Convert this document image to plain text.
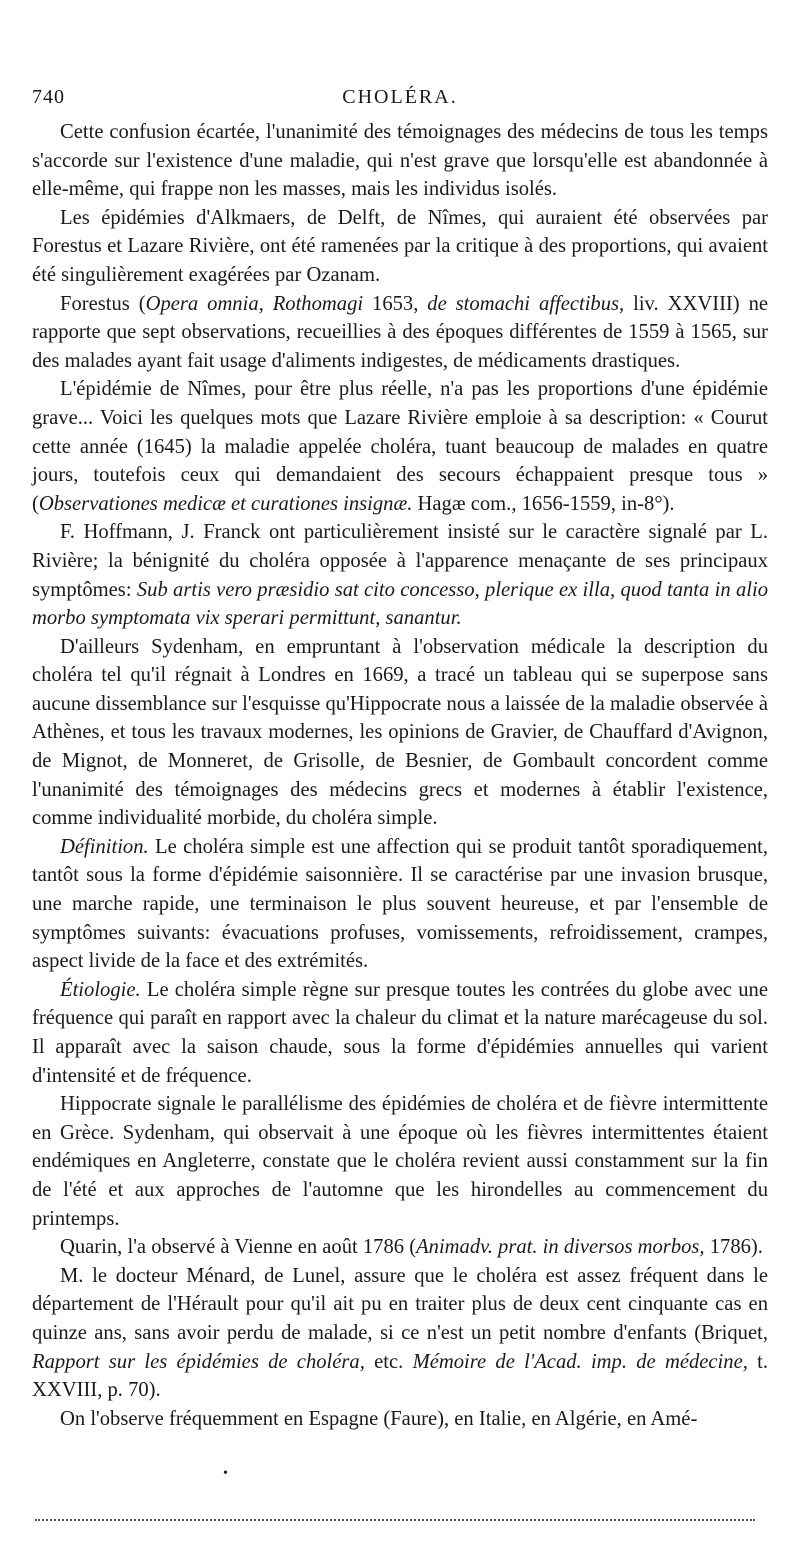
740	CHOLÉRA.

Cette confusion écartée, l'unanimité des témoignages des médecins de tous les temps s'accorde sur l'existence d'une maladie, qui n'est grave que lorsqu'elle est abandonnée à elle-même, qui frappe non les masses, mais les individus isolés.

Les épidémies d'Alkmaers, de Delft, de Nîmes, qui auraient été observées par Forestus et Lazare Rivière, ont été ramenées par la critique à des proportions, qui avaient été singulièrement exagérées par Ozanam.

Forestus (Opera omnia, Rothomagi 1653, de stomachi affectibus, liv. XXVIII) ne rapporte que sept observations, recueillies à des époques différentes de 1559 à 1565, sur des malades ayant fait usage d'aliments indigestes, de médicaments drastiques.

L'épidémie de Nîmes, pour être plus réelle, n'a pas les proportions d'une épidémie grave... Voici les quelques mots que Lazare Rivière emploie à sa description: « Courut cette année (1645) la maladie appelée choléra, tuant beaucoup de malades en quatre jours, toutefois ceux qui demandaient des secours échappaient presque tous » (Observationes medicæ et curationes insignæ. Hagæ com., 1656-1559, in-8°).

F. Hoffmann, J. Franck ont particulièrement insisté sur le caractère signalé par L. Rivière; la bénignité du choléra opposée à l'apparence menaçante de ses principaux symptômes: Sub artis vero præsidio sat cito concesso, plerique ex illa, quod tanta in alio morbo symptomata vix sperari permittunt, sanantur.

D'ailleurs Sydenham, en empruntant à l'observation médicale la description du choléra tel qu'il régnait à Londres en 1669, a tracé un tableau qui se superpose sans aucune dissemblance sur l'esquisse qu'Hippocrate nous a laissée de la maladie observée à Athènes, et tous les travaux modernes, les opinions de Gravier, de Chauffard d'Avignon, de Mignot, de Monneret, de Grisolle, de Besnier, de Gombault concordent comme l'unanimité des témoignages des médecins grecs et modernes à établir l'existence, comme individualité morbide, du choléra simple.

Définition. Le choléra simple est une affection qui se produit tantôt sporadiquement, tantôt sous la forme d'épidémie saisonnière. Il se caractérise par une invasion brusque, une marche rapide, une terminaison le plus souvent heureuse, et par l'ensemble de symptômes suivants: évacuations profuses, vomissements, refroidissement, crampes, aspect livide de la face et des extrémités.

Étiologie. Le choléra simple règne sur presque toutes les contrées du globe avec une fréquence qui paraît en rapport avec la chaleur du climat et la nature marécageuse du sol. Il apparaît avec la saison chaude, sous la forme d'épidémies annuelles qui varient d'intensité et de fréquence.

Hippocrate signale le parallélisme des épidémies de choléra et de fièvre intermittente en Grèce. Sydenham, qui observait à une époque où les fièvres intermittentes étaient endémiques en Angleterre, constate que le choléra revient aussi constamment sur la fin de l'été et aux approches de l'automne que les hirondelles au commencement du printemps.

Quarin, l'a observé à Vienne en août 1786 (Animadv. prat. in diversos morbos, 1786).

M. le docteur Ménard, de Lunel, assure que le choléra est assez fréquent dans le département de l'Hérault pour qu'il ait pu en traiter plus de deux cent cinquante cas en quinze ans, sans avoir perdu de malade, si ce n'est un petit nombre d'enfants (Briquet, Rapport sur les épidémies de choléra, etc. Mémoire de l'Acad. imp. de médecine, t. XXVIII, p. 70).

On l'observe fréquemment en Espagne (Faure), en Italie, en Algérie, en Amé-

•
